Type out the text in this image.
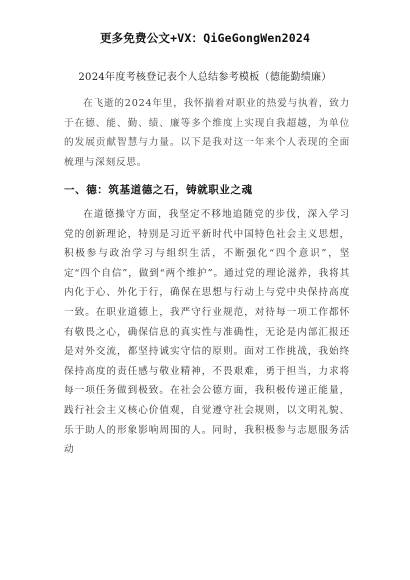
更多免费公文+VX：QiGeGongWen2024
2024年度考核登记表个人总结参考模板（德能勤绩廉）

在飞逝的2024年里，我怀揣着对职业的热爱与执着，致力于在德、能、勤、绩、廉等多个维度上实现自我超越，为单位的发展贡献智慧与力量。以下是我对这一年来个人表现的全面梳理与深刻反思。

一、德：筑基道德之石，铸就职业之魂

在道德操守方面，我坚定不移地追随党的步伐，深入学习党的创新理论，特别是习近平新时代中国特色社会主义思想，积极参与政治学习与组织生活，不断强化“四个意识”，坚定“四个自信”，做到“两个维护”。通过党的理论滋养，我将其内化于心、外化于行，确保在思想与行动上与党中央保持高度一致。在职业道德上，我严守行业规范，对待每一项工作都怀有敬畏之心，确保信息的真实性与准确性，无论是内部汇报还是对外交流，都坚持诚实守信的原则。面对工作挑战，我始终保持高度的责任感与敬业精神，不畏艰难，勇于担当，力求将每一项任务做到极致。在社会公德方面，我积极传递正能量，践行社会主义核心价值观，自觉遵守社会规则，以文明礼貌、乐于助人的形象影响周围的人。同时，我积极参与志愿服务活动
